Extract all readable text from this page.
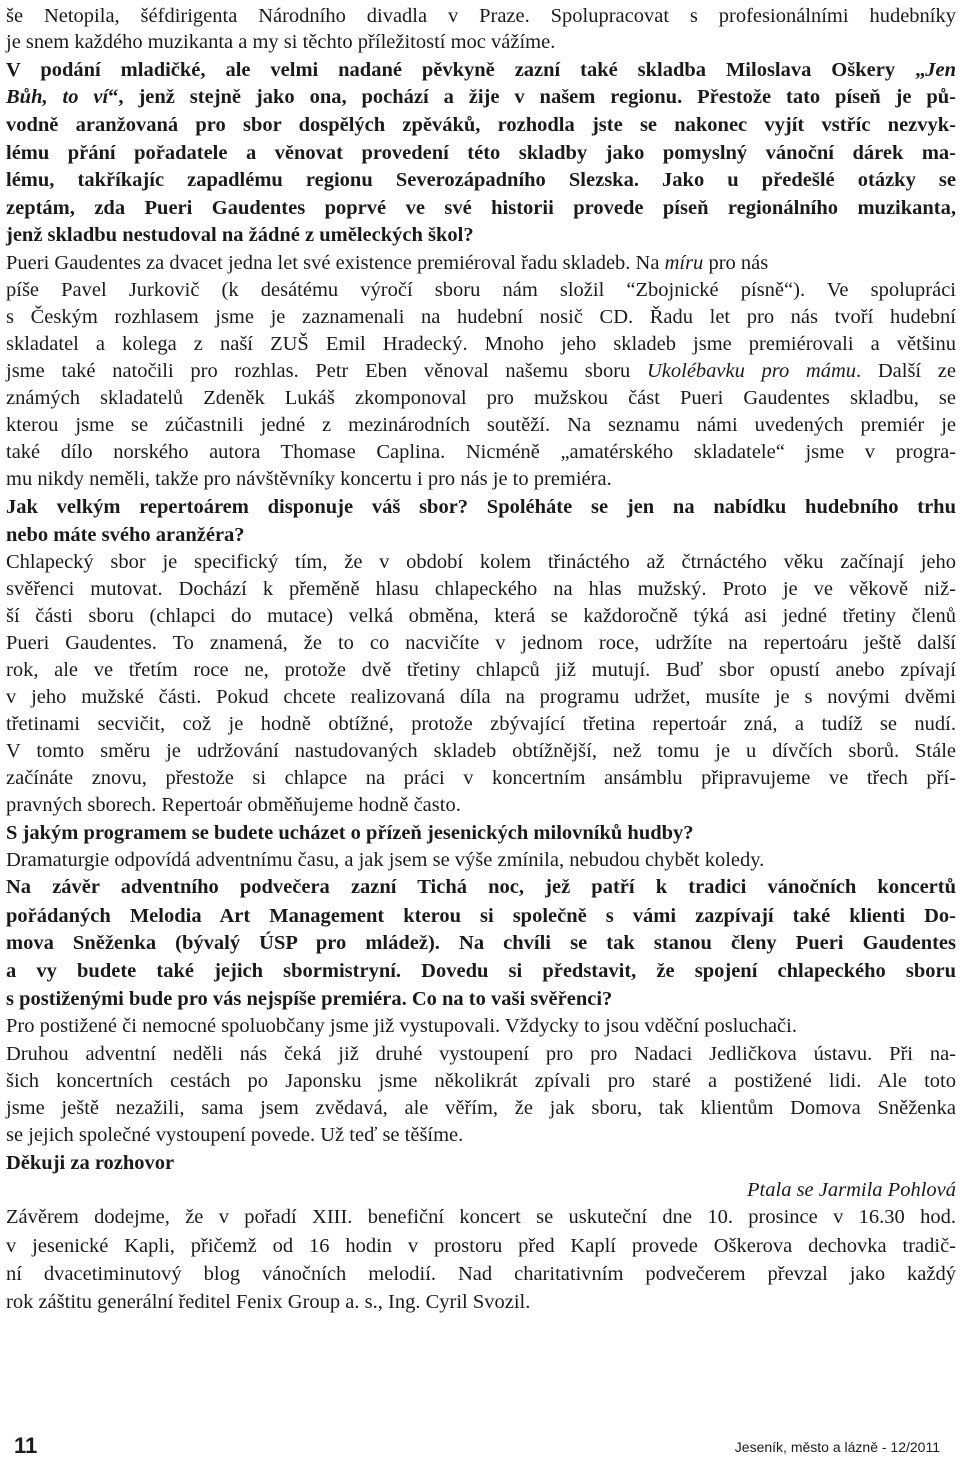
še Netopila, šéfdirigenta Národního divadla v Praze. Spolupracovat s profesionálními hudebníky
je snem každého muzikanta a my si těchto příležitostí moc vážíme.
V podání mladičké, ale velmi nadané pěvkyně zazní také skladba Miloslava Oškery „Jen
Bůh, to ví“, jenž stejně jako ona, pochází a žije v našem regionu. Přestože tato píseň je pů-
vodně aranžovaná pro sbor dospělých zpěváků, rozhodla jste se nakonec vyjít vstříc nezvyk-
lému přání pořadatele a věnovat provedení této skladby jako pomyslný vánoční dárek ma-
lému, takříkajíc zapadlému regionu Severozápadního Slezska. Jako u předešlé otázky se
zeptám, zda Pueri Gaudentes poprvé ve své historii provede píseň regionálního muzikanta,
jenž skladbu nestudoval na žádné z uměleckých škol?
Pueri Gaudentes za dvacet jedna let své existence premiéroval řadu skladeb. Na míru pro nás
píše Pavel Jurkovič (k desátému výročí sboru nám složil “Zbojnické písně“). Ve spolupráci
s Českým rozhlasem jsme je zaznamenali na hudební nosič CD. Řadu let pro nás tvoří hudební
skladatel a kolega z naší ZUŠ Emil Hradecký. Mnoho jeho skladeb jsme premiérovali a většinu
jsme také natočili pro rozhlas. Petr Eben věnoval našemu sboru Ukolébavku pro mámu. Další ze
známých skladatelů Zdeněk Lukáš zkomponoval pro mužskou část Pueri Gaudentes skladbu, se
kterou jsme se zúčastnili jedné z mezinárodních soutěží. Na seznamu námi uvedených premiér je
také dílo norského autora Thomase Caplina. Nicméně „amatérského skladatele“ jsme v progra-
mu nikdy neměli, takže pro návštěvníky koncertu i pro nás je to premiéra.
Jak velkým repertoárem disponuje váš sbor? Spoléháte se jen na nabídku hudebního trhu
nebo máte svého aranžéra?
Chlapecký sbor je specifický tím, že v období kolem třináctého až čtrnáctého věku začínají jeho
svěřenci mutovat. Dochází k přeměně hlasu chlapeckého na hlas mužský. Proto je ve věkově niž-
ší části sboru (chlapci do mutace) velká obměna, která se každoročně týká asi jedné třetiny členů
Pueri Gaudentes. To znamená, že to co nacvičíte v jednom roce, udržíte na repertoáru ještě další
rok, ale ve třetím roce ne, protože dvě třetiny chlapců již mutují. Buď sbor opustí anebo zpívají
v jeho mužské části. Pokud chcete realizovaná díla na programu udržet, musíte je s novými dvěmi
třetinami secvičit, což je hodně obtížné, protože zbývající třetina repertoár zná, a tudíž se nudí.
V tomto směru je udržování nastudovaných skladeb obtížnější, než tomu je u dívčích sborů. Stále
začínáte znovu, přestože si chlapce na práci v koncertním ansámblu připravujeme ve třech pří-
pravných sborech. Repertoár obměňujeme hodně často.
S jakým programem se budete ucházet o přízeň jesenických milovníků hudby?
Dramaturgie odpovídá adventnímu času, a jak jsem se výše zmínila, nebudou chybět koledy.
Na závěr adventního podvečera zazní Tichá noc, jež patří k tradici vánočních koncertů
pořádaných Melodia Art Management kterou si společně s vámi zazpívají také klienti Do-
mova Sněženka (bývalý ÚSP pro mládež). Na chvíli se tak stanou členy Pueri Gaudentes
a vy budete také jejich sbormistryní. Dovedu si představit, že spojení chlapeckého sboru
s postiženými bude pro vás nejspíše premiéra. Co na to vaši svěřenci?
Pro postižené či nemocné spoluobčany jsme již vystupovali. Vždycky to jsou vděční posluchači.
Druhou adventní neděli nás čeká již druhé vystoupení pro pro Nadaci Jedličkova ústavu. Při na-
šich koncertních cestách po Japonsku jsme několikrát zpívali pro staré a postižené lidi. Ale toto
jsme ještě nezažili, sama jsem zvědavá, ale věřím, že jak sboru, tak klientům Domova Sněženka
se jejich společné vystoupení povede. Už teď se těšíme.
Děkuji za rozhovor
Ptala se Jarmila Pohlová
Závěrem dodejme, že v pořadí XIII. benefiční koncert se uskuteční dne 10. prosince v 16.30 hod.
v jesenické Kapli, přičemž od 16 hodin v prostoru před Kaplí provede Oškerova dechovka tradič-
ní dvacetiminutový blog vánočních melodií. Nad charitativním podvečerem převzal jako každý
rok záštitu generální ředitel Fenix Group a. s., Ing. Cyril Svozil.
11	Jeseník, město a lázně - 12/2011
